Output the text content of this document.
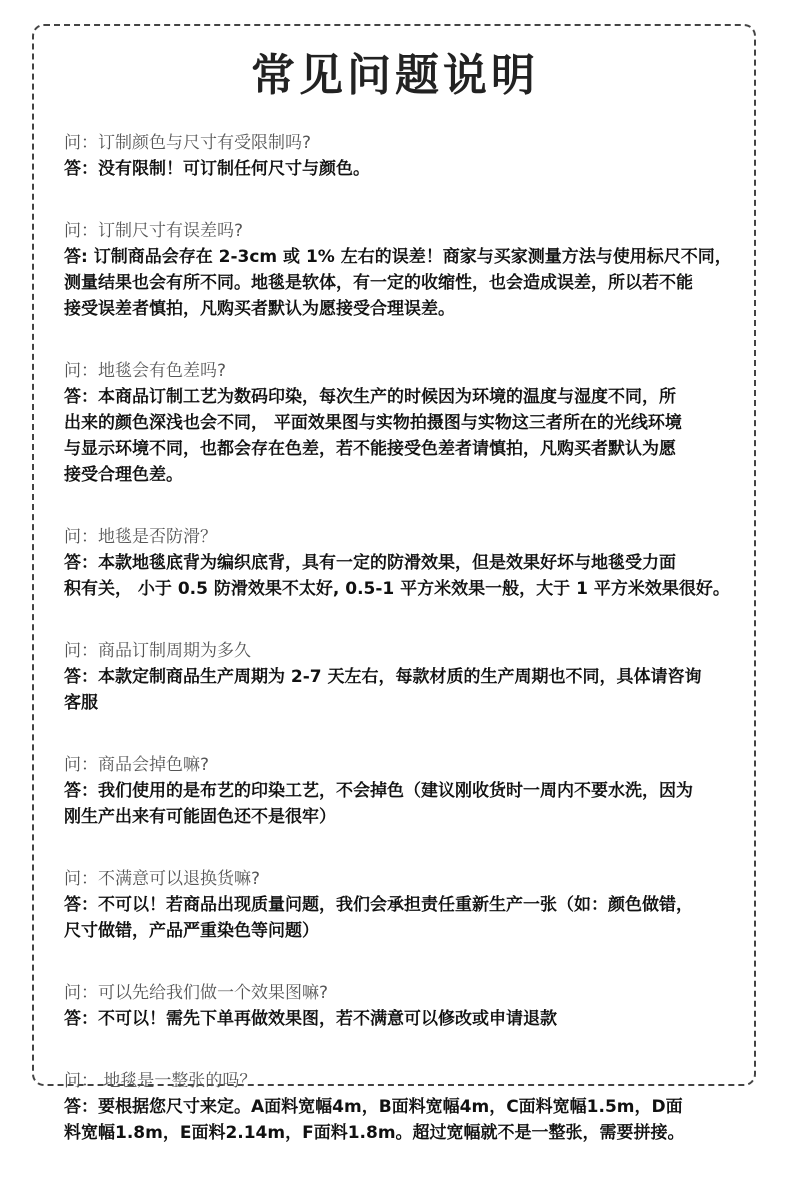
常见问题说明
问：订制颜色与尺寸有受限制吗?
答：没有限制！可订制任何尺寸与颜色。
问：订制尺寸有误差吗?
答: 订制商品会存在 2-3cm 或 1% 左右的误差！商家与买家测量方法与使用标尺不同，
测量结果也会有所不同。地毯是软体，有一定的收缩性，也会造成误差，所以若不能
接受误差者慎拍，凡购买者默认为愿接受合理误差。
问：地毯会有色差吗?
答：本商品订制工艺为数码印染，每次生产的时候因为环境的温度与湿度不同，所
出来的颜色深浅也会不同， 平面效果图与实物拍摄图与实物这三者所在的光线环境
与显示环境不同，也都会存在色差，若不能接受色差者请慎拍，凡购买者默认为愿
接受合理色差。
问：地毯是否防滑？
答：本款地毯底背为编织底背，具有一定的防滑效果，但是效果好坏与地毯受力面
积有关， 小于 0.5 防滑效果不太好, 0.5-1 平方米效果一般，大于 1 平方米效果很好。
问：商品订制周期为多久
答：本款定制商品生产周期为 2-7 天左右，每款材质的生产周期也不同，具体请咨询
客服
问：商品会掉色嘛?
答：我们使用的是布艺的印染工艺，不会掉色（建议刚收货时一周内不要水洗，因为
刚生产出来有可能固色还不是很牢）
问：不满意可以退换货嘛?
答：不可以！若商品出现质量问题，我们会承担责任重新生产一张（如：颜色做错，
尺寸做错，产品严重染色等问题）
问：可以先给我们做一个效果图嘛?
答：不可以！需先下单再做效果图，若不满意可以修改或申请退款
问： 地毯是一整张的吗？
答：要根据您尺寸来定。A面料宽幅4m，B面料宽幅4m，C面料宽幅1.5m，D面
料宽幅1.8m，E面料2.14m，F面料1.8m。超过宽幅就不是一整张，需要拼接。
